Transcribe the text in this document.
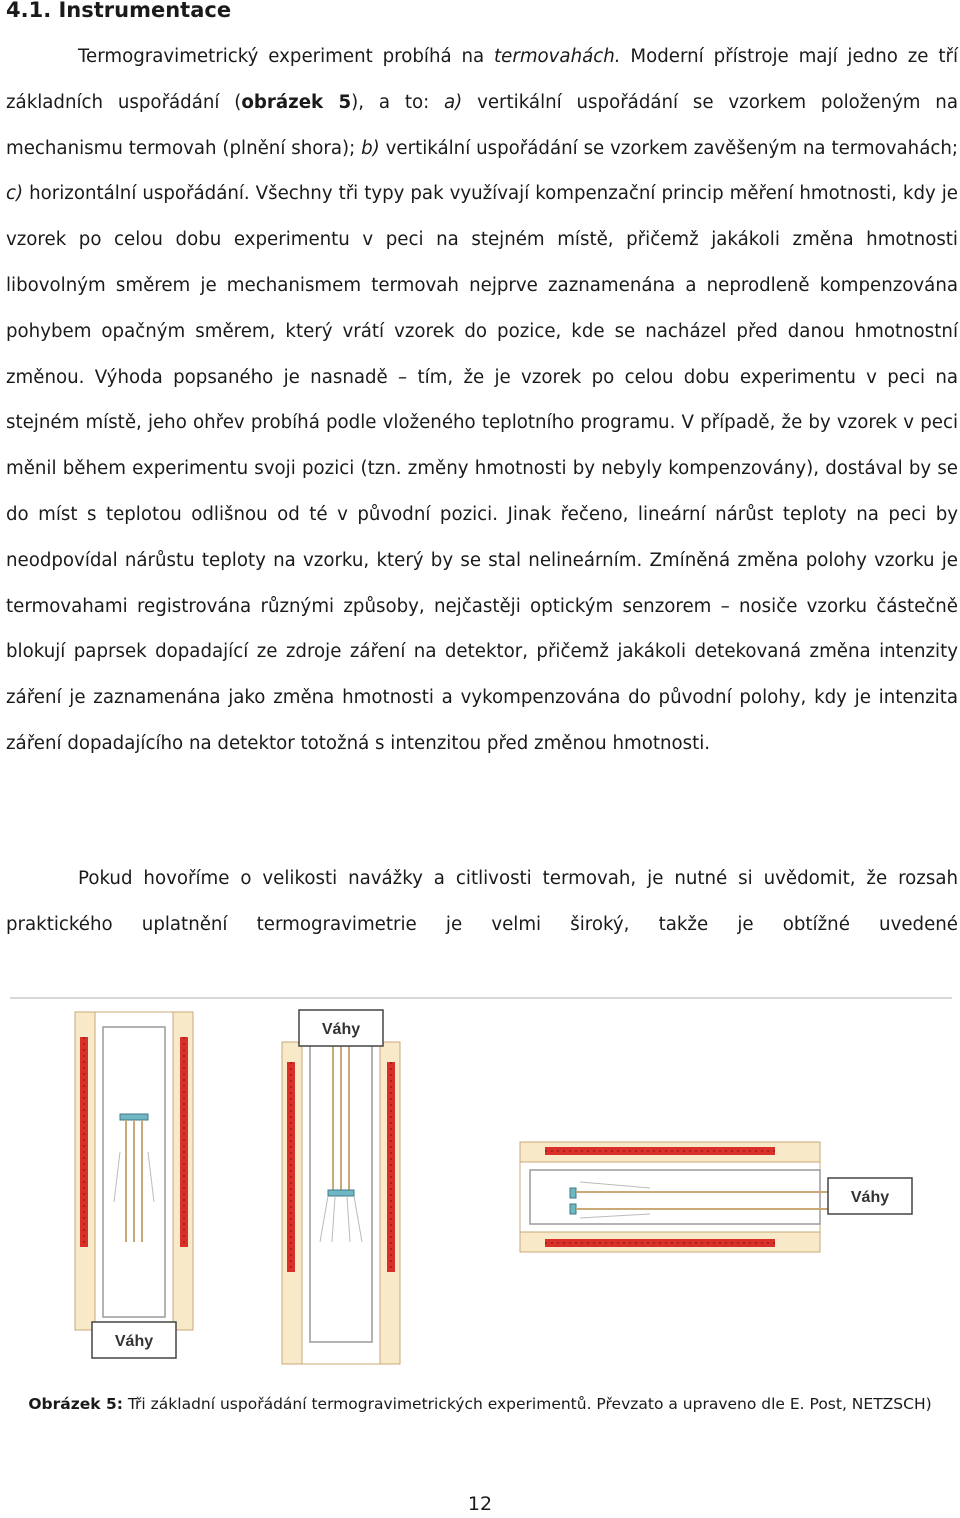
4.1. Instrumentace

Termogravimetrický experiment probíhá na termovahách. Moderní přístroje mají jedno ze tří základních uspořádání (obrázek 5), a to: a) vertikální uspořádání se vzorkem položeným na mechanismu termovah (plnění shora); b) vertikální uspořádání se vzorkem zavěšeným na termovahách; c) horizontální uspořádání. Všechny tři typy pak využívají kompenzační princip měření hmotnosti, kdy je vzorek po celou dobu experimentu v peci na stejném místě, přičemž jakákoli změna hmotnosti libovolným směrem je mechanismem termovah nejprve zaznamenána a neprodleně kompenzována pohybem opačným směrem, který vrátí vzorek do pozice, kde se nacházel před danou hmotnostní změnou. Výhoda popsaného je nasnadě – tím, že je vzorek po celou dobu experimentu v peci na stejném místě, jeho ohřev probíhá podle vloženého teplotního programu. V případě, že by vzorek v peci měnil během experimentu svoji pozici (tzn. změny hmotnosti by nebyly kompenzovány), dostával by se do míst s teplotou odlišnou od té v původní pozici. Jinak řečeno, lineární nárůst teploty na peci by neodpovídal nárůstu teploty na vzorku, který by se stal nelineárním. Zmíněná změna polohy vzorku je termovahami registrována různými způsoby, nejčastěji optickým senzorem – nosiče vzorku částečně blokují paprsek dopadající ze zdroje záření na detektor, přičemž jakákoli detekovaná změna intenzity záření je zaznamenána jako změna hmotnosti a vykompenzována do původní polohy, kdy je intenzita záření dopadajícího na detektor totožná s intenzitou před změnou hmotnosti.

Pokud hovoříme o velikosti navážky a citlivosti termovah, je nutné si uvědomit, že rozsah praktického uplatnění termogravimetrie je velmi široký, takže je obtížné uvedené

Váhy
Váhy
Váhy
Obrázek 5: Tři základní uspořádání termogravimetrických experimentů. Převzato a upraveno dle E. Post, NETZSCH)
12
